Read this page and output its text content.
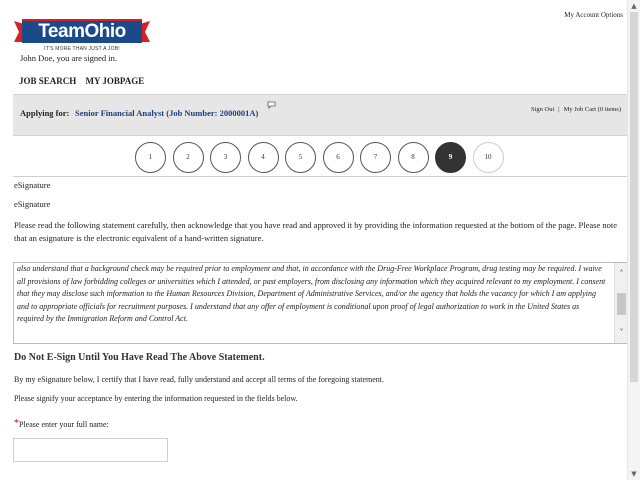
TeamOhio
IT'S MORE THAN JUST A JOB!
My Account Options
John Doe, you are signed in.
JOB SEARCH MY JOBPAGE
Applying for: Senior Financial Analyst (Job Number: 2000001A)	Sign Out | My Job Cart (0 items)
1	2	3	4	5	6	7	8	9	10
eSignature
eSignature
Please read the following statement carefully, then acknowledge that you have read and approved it by providing the information requested at the bottom of the page. Please note that an esignature is the electronic equivalent of a hand-written signature.
also understand that a background check may be required prior to employment and that, in accordance with the Drug-Free Workplace Program, drug testing may be required. I waive all provisions of law forbidding colleges or universities which I attended, or past employers, from disclosing any information which they acquired relevant to my employment. I consent that they may disclose such information to the Human Resources Division, Department of Administrative Services, and/or the agency that holds the vacancy for which I am applying and to appropriate officials for recruitment purposes. I understand that any offer of employment is conditional upon proof of legal authorization to work in the United States as required by the Immigration Reform and Control Act.
˄
˅
Do Not E-Sign Until You Have Read The Above Statement.
By my eSignature below, I certify that I have read, fully understand and accept all terms of the foregoing statement.
Please signify your acceptance by entering the information requested in the fields below.
*Please enter your full name:
▲
▼
